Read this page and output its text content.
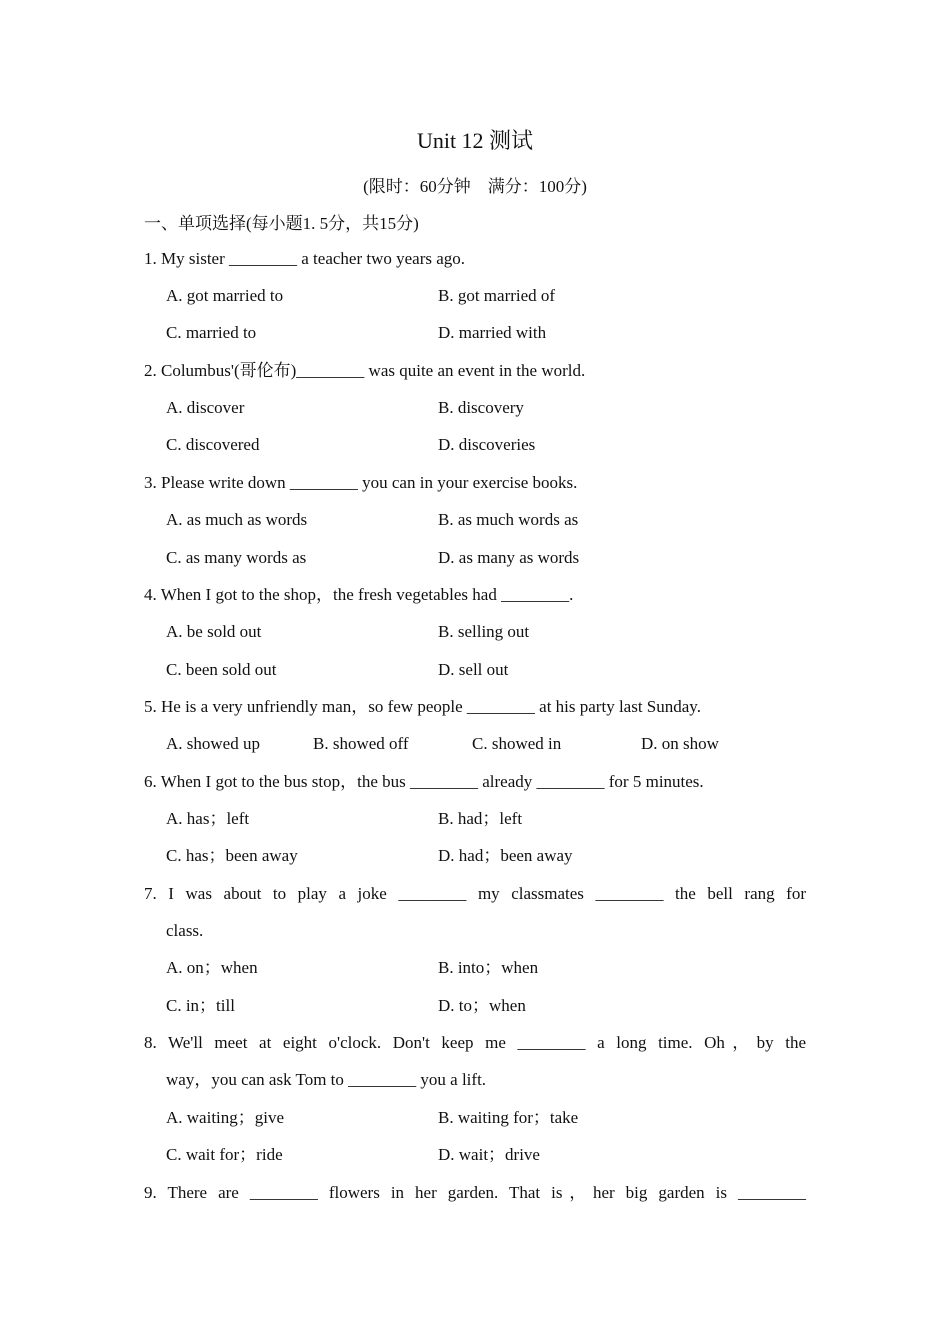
Unit 12 测试
(限时：60分钟　满分：100分)
一、单项选择(每小题1. 5分，共15分)
1. My sister ________ a teacher two years ago.
A. got married to	B. got married of
C. married to	D. married with
2. Columbus'(哥伦布)________ was quite an event in the world.
A. discover	B. discovery
C. discovered	D. discoveries
3. Please write down ________ you can in your exercise books.
A. as much as words	B. as much words as
C. as many words as	D. as many as words
4. When I got to the shop，the fresh vegetables had ________.
A. be sold out	B. selling out
C. been sold out	D. sell out
5. He is a very unfriendly man，so few people ________ at his party last Sunday.
A. showed up	B. showed off	C. showed in	D. on show
6. When I got to the bus stop，the bus ________ already ________ for 5 minutes.
A. has；left	B. had；left
C. has；been away	D. had；been away
7. I was about to play a joke ________ my classmates ________ the bell rang for
class.
A. on；when	B. into；when
C. in；till	D. to；when
8. We'll meet at eight o'clock. Don't keep me ________ a long time. Oh，by the
way，you can ask Tom to ________ you a lift.
A. waiting；give	B. waiting for；take
C. wait for；ride	D. wait；drive
9. There are ________ flowers in her garden. That is，her big garden is ________
